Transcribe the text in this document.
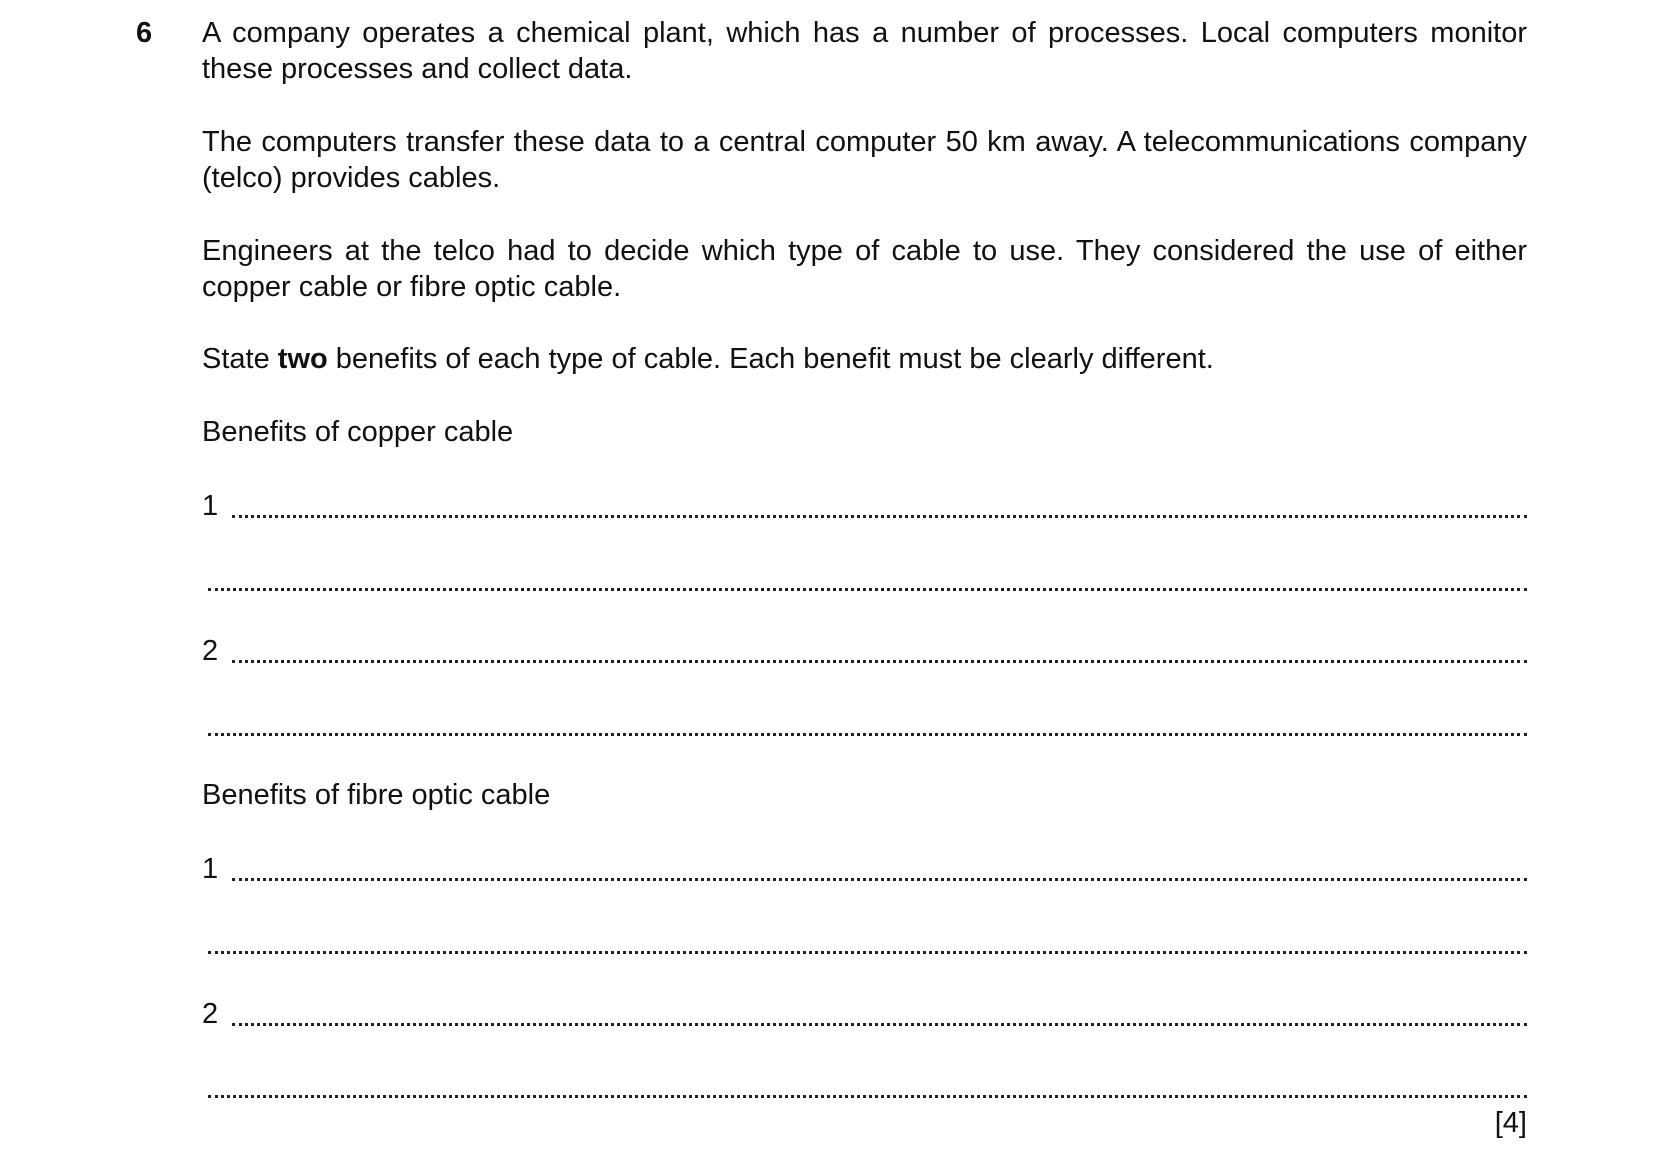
6 A company operates a chemical plant, which has a number of processes. Local computers monitor these processes and collect data.

The computers transfer these data to a central computer 50 km away. A telecommunications company (telco) provides cables.

Engineers at the telco had to decide which type of cable to use. They considered the use of either copper cable or fibre optic cable.

State two benefits of each type of cable. Each benefit must be clearly different.

Benefits of copper cable

1
2

Benefits of fibre optic cable

1
2
[4]
